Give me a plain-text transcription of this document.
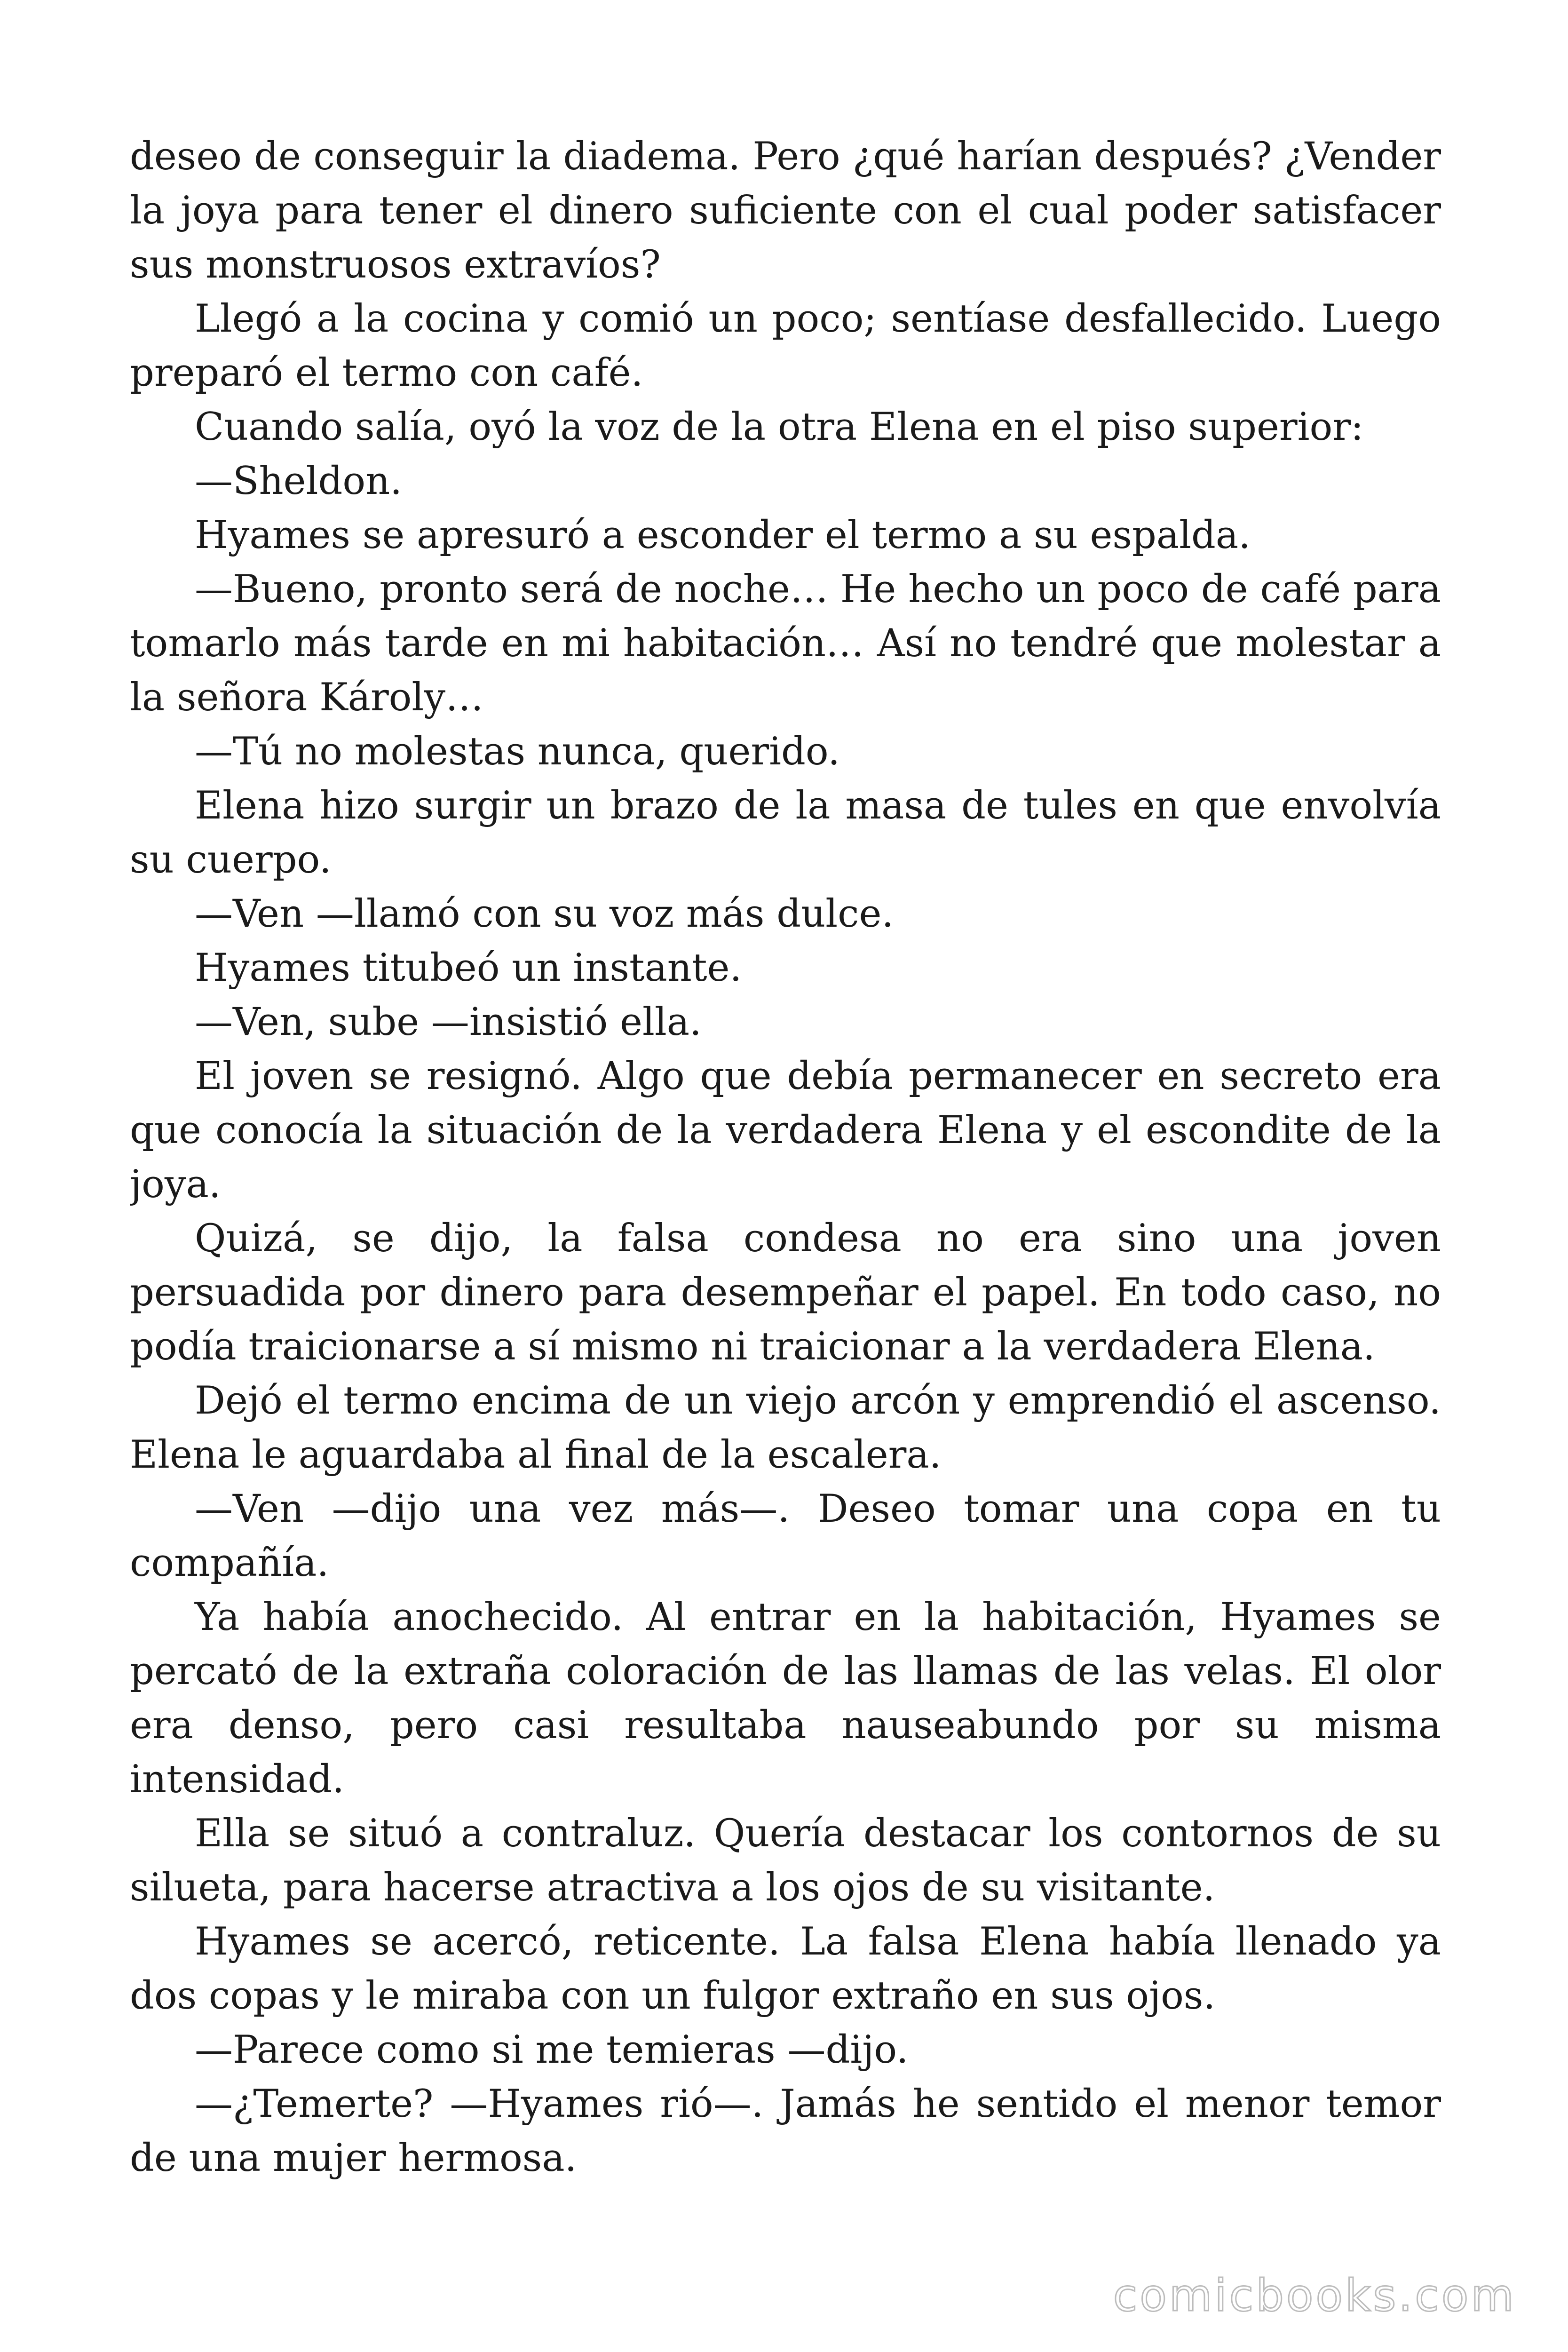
deseo de conseguir la diadema. Pero ¿qué harían después? ¿Vender la joya para tener el dinero suficiente con el cual poder satisfacer sus monstruosos extravíos?

Llegó a la cocina y comió un poco; sentíase desfallecido. Luego preparó el termo con café.

Cuando salía, oyó la voz de la otra Elena en el piso superior:

—Sheldon.

Hyames se apresuró a esconder el termo a su espalda.

—Bueno, pronto será de noche… He hecho un poco de café para tomarlo más tarde en mi habitación… Así no tendré que molestar a la señora Károly…

—Tú no molestas nunca, querido.

Elena hizo surgir un brazo de la masa de tules en que envolvía su cuerpo.

—Ven —llamó con su voz más dulce.

Hyames titubeó un instante.

—Ven, sube —insistió ella.

El joven se resignó. Algo que debía permanecer en secreto era que conocía la situación de la verdadera Elena y el escondite de la joya.

Quizá, se dijo, la falsa condesa no era sino una joven persuadida por dinero para desempeñar el papel. En todo caso, no podía traicionarse a sí mismo ni traicionar a la verdadera Elena.

Dejó el termo encima de un viejo arcón y emprendió el ascenso. Elena le aguardaba al final de la escalera.

—Ven —dijo una vez más—. Deseo tomar una copa en tu compañía.

Ya había anochecido. Al entrar en la habitación, Hyames se percató de la extraña coloración de las llamas de las velas. El olor era denso, pero casi resultaba nauseabundo por su misma intensidad.

Ella se situó a contraluz. Quería destacar los contornos de su silueta, para hacerse atractiva a los ojos de su visitante.

Hyames se acercó, reticente. La falsa Elena había llenado ya dos copas y le miraba con un fulgor extraño en sus ojos.

—Parece como si me temieras —dijo.

—¿Temerte? —Hyames rió—. Jamás he sentido el menor temor de una mujer hermosa.

comicbooks.com
